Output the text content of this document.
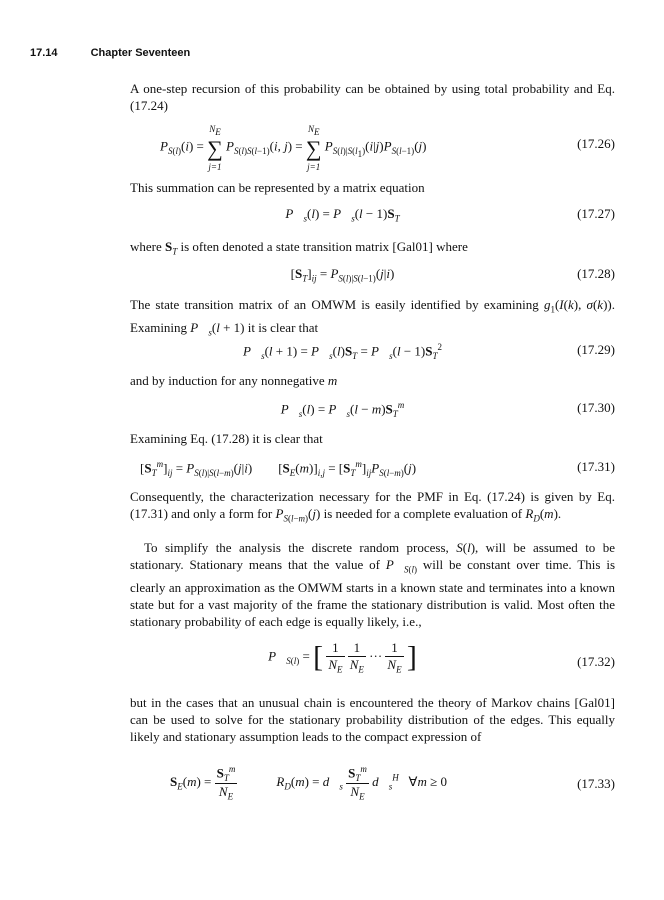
17.14	Chapter Seventeen
A one-step recursion of this probability can be obtained by using total probability and Eq. (17.24)
$P_{S(l)}(i) = N_E$
∑
j=1 $P_{S(l)S(l-1)}(i$, $j) = N_E$
∑
j=1 $P_{S(l)|S(l_1)}(i|j)P_{S(l-1)}(j)$	(17.26)
This summation can be represented by a matrix equation
$P⃗_s(l)$ = $P⃗_s(l - 1)S_T$	(17.27)
where $S_T$ is often denoted a state transition matrix [Gal01] where
$[S_T]_{ij} = P_{S(l)|S(l-1)}(j|i)$	(17.28)
The state transition matrix of an OMWM is easily identified by examining $g_1(I(k)$, σ(k)). Examining $P⃗_s(l + 1)$ it is clear that
$P⃗_s(l + 1)$ = $P⃗_s(l)S_T$ = $P⃗_s(l - 1)S_T^2$	(17.29)
and by induction for any nonnegative m
$P⃗_s(l)$ = $P⃗_s(l - m)S_T^m$	(17.30)
Examining Eq. (17.28) it is clear that
$[S_T^m]_{ij} = P_{S(l)|S(l-m)}(j|i)$        $[S_E(m)]_{i,j} = [S_T^m]_{ij}P_{S(l-m)}(j)$	(17.31)
Consequently, the characterization necessary for the PMF in Eq. (17.24) is given by Eq. (17.31) and only a form for $P_{S(l-m)}(j)$ is needed for a complete evaluation of $R_D(m)$.
To simplify the analysis the discrete random process, S(l), will be assumed to be stationary. Stationary means that the value of $P⃗_{S(l)}$ will be constant over time. This is clearly an approximation as the OMWM starts in a known state and terminates into a known state but for a vast majority of the frame the stationary distribution is valid. Most often the stationary probability of each edge is equally likely, i.e.,
$P⃗_{S(l)}$ = [ $\frac{1}{N_E}$
$\frac{1}{N_E}$ ··· $\frac{1}{N_E}$ ]	(17.32)
but in the cases that an unusual chain is encountered the theory of Markov chains [Gal01] can be used to solve for the stationary probability distribution of the edges. This equally likely and stationary assumption leads to the compact expression of
$S_E(m) = \frac{S_T^m}{N_E}$	$R_D(m)$ = $d⃗_s \frac{S_T^m}{N_E}$ $d⃗_s^H$   ∀m ≥ 0	(17.33)
